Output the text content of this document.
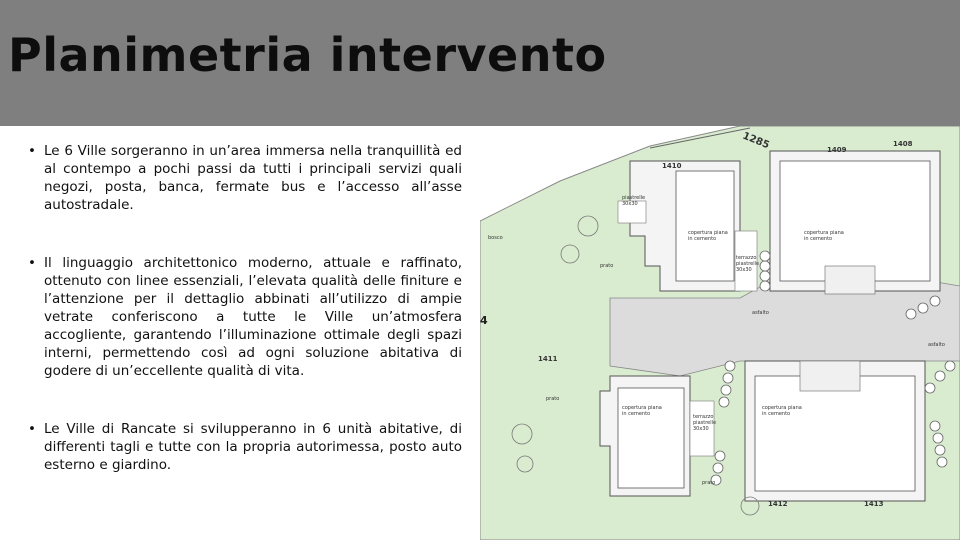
Planimetria intervento
• Le 6 Ville sorgeranno in un’area immersa nella tranquillità ed al contempo a pochi passi da tutti i principali servizi quali negozi, posta, banca, fermate bus e l’accesso all’asse autostradale.
• Il linguaggio architettonico moderno, attuale e raffinato, ottenuto con linee essenziali, l’elevata qualità delle finiture e l’attenzione per il dettaglio abbinati all’utilizzo di ampie vetrate conferiscono a tutte le Ville un’atmosfera accogliente, garantendo l’illuminazione ottimale degli spazi interni, permettendo così ad ogni soluzione abitativa di godere di un’eccellente qualità di vita.
• Le Ville di Rancate si svilupperanno in 6 unità abitative, di differenti tagli e tutte con la propria autorimessa, posto auto esterno e giardino.
1285	1409
1408
1410
1411
1412	1413
copertura piana
in cemento
copertura piana
in cemento
copertura piana
in cemento
copertura piana
in cemento
piastrelle
30x30
terrazzo
piastrelle
30x30
terrazzo
piastrelle
30x30
prato
prato
prato
bosco
asfalto
asfalto
4
